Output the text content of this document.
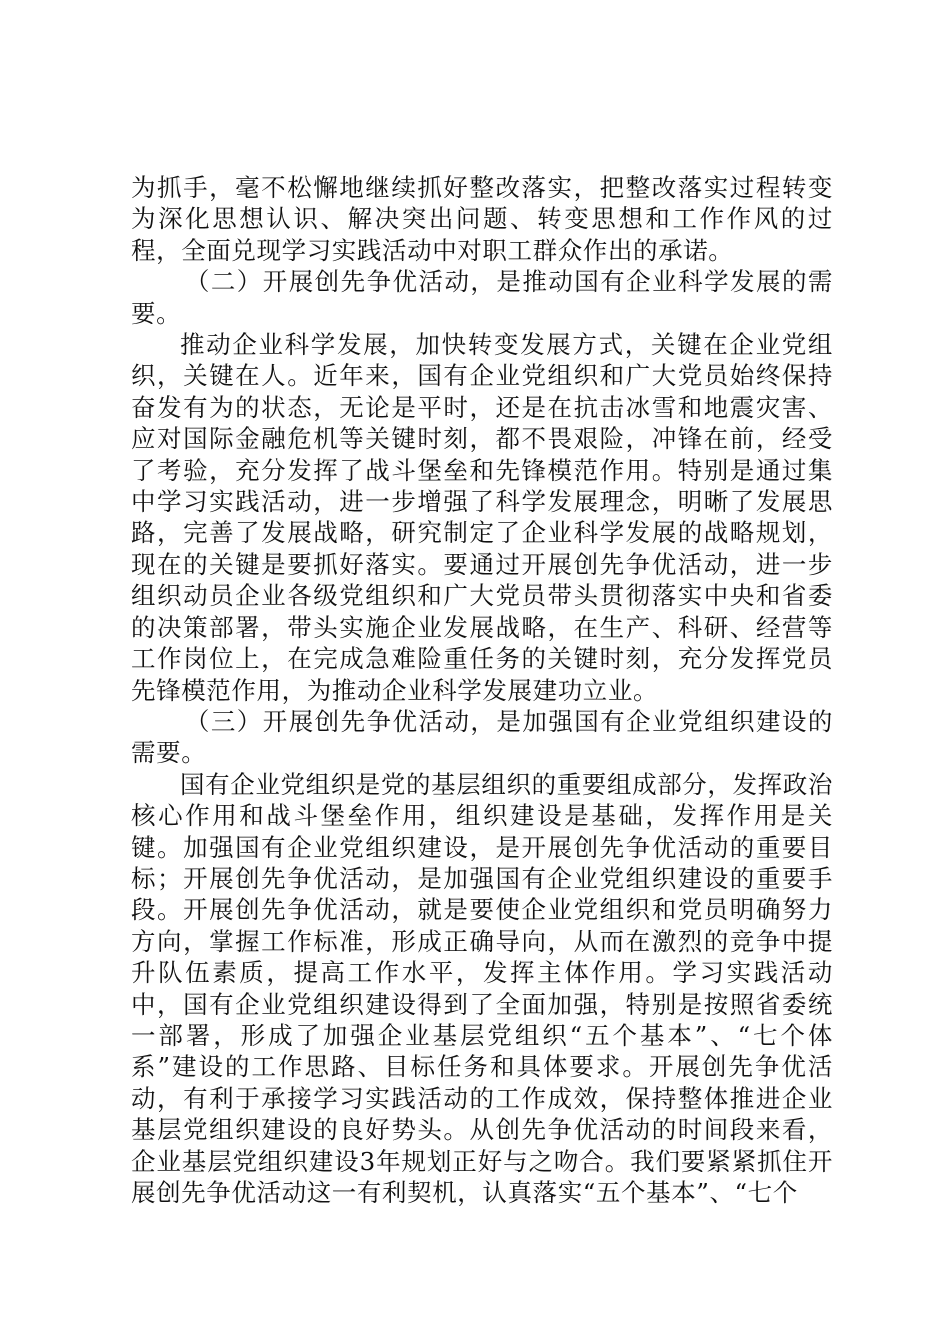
为抓手，毫不松懈地继续抓好整改落实，把整改落实过程转变为深化思想认识、解决突出问题、转变思想和工作作风的过程，全面兑现学习实践活动中对职工群众作出的承诺。

（二）开展创先争优活动，是推动国有企业科学发展的需要。

推动企业科学发展，加快转变发展方式，关键在企业党组织，关键在人。近年来，国有企业党组织和广大党员始终保持奋发有为的状态，无论是平时，还是在抗击冰雪和地震灾害、应对国际金融危机等关键时刻，都不畏艰险，冲锋在前，经受了考验，充分发挥了战斗堡垒和先锋模范作用。特别是通过集中学习实践活动，进一步增强了科学发展理念，明晰了发展思路，完善了发展战略，研究制定了企业科学发展的战略规划，现在的关键是要抓好落实。要通过开展创先争优活动，进一步组织动员企业各级党组织和广大党员带头贯彻落实中央和省委的决策部署，带头实施企业发展战略，在生产、科研、经营等工作岗位上，在完成急难险重任务的关键时刻，充分发挥党员先锋模范作用，为推动企业科学发展建功立业。

（三）开展创先争优活动，是加强国有企业党组织建设的需要。

国有企业党组织是党的基层组织的重要组成部分，发挥政治核心作用和战斗堡垒作用，组织建设是基础，发挥作用是关键。加强国有企业党组织建设，是开展创先争优活动的重要目标；开展创先争优活动，是加强国有企业党组织建设的重要手段。开展创先争优活动，就是要使企业党组织和党员明确努力方向，掌握工作标准，形成正确导向，从而在激烈的竞争中提升队伍素质，提高工作水平，发挥主体作用。学习实践活动中，国有企业党组织建设得到了全面加强，特别是按照省委统一部署，形成了加强企业基层党组织“五个基本”、“七个体系”建设的工作思路、目标任务和具体要求。开展创先争优活动，有利于承接学习实践活动的工作成效，保持整体推进企业基层党组织建设的良好势头。从创先争优活动的时间段来看，企业基层党组织建设3年规划正好与之吻合。我们要紧紧抓住开展创先争优活动这一有利契机，认真落实“五个基本”、“七个
